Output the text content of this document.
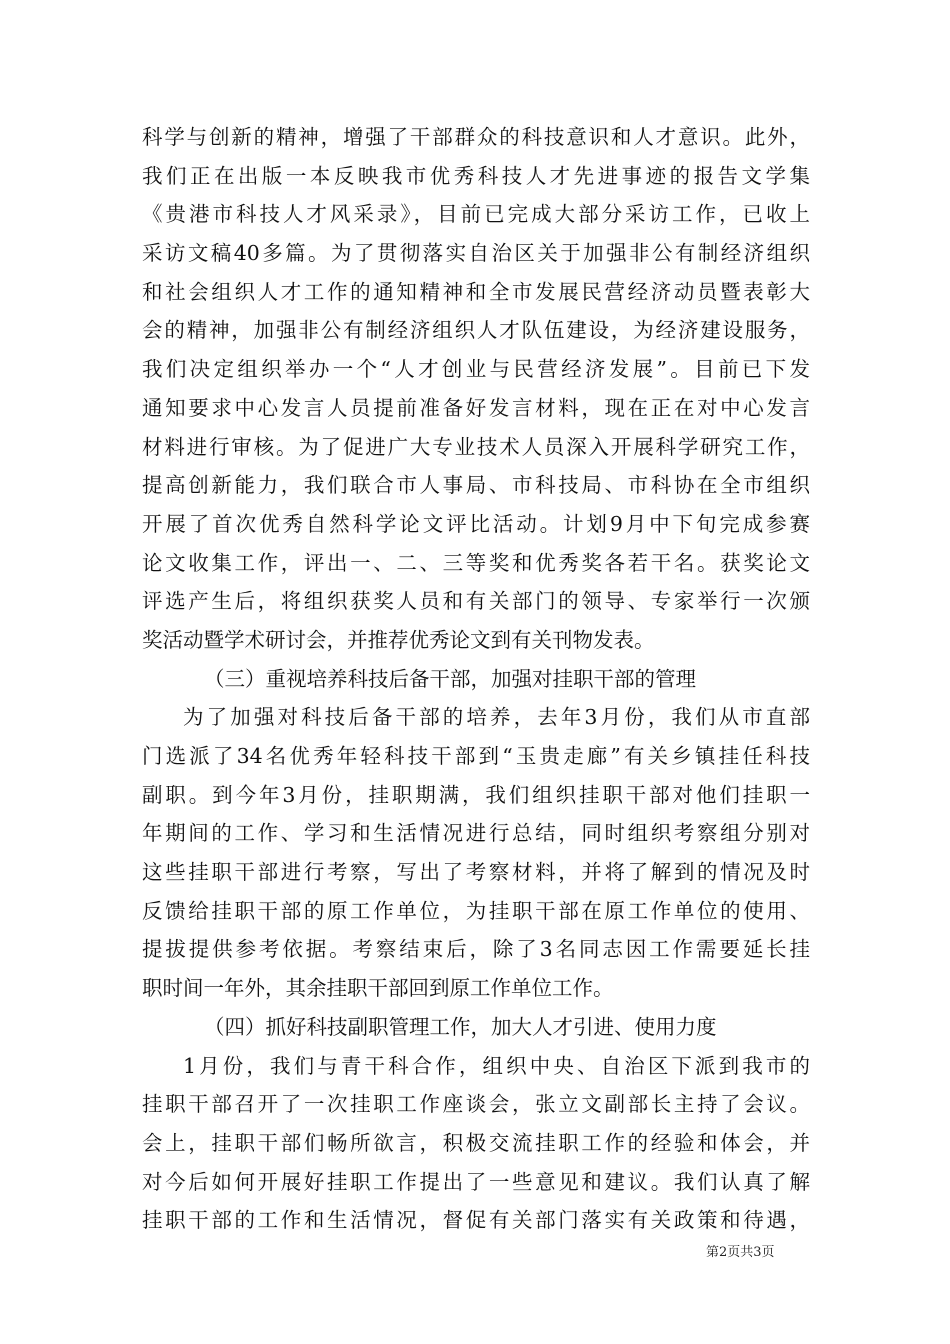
科学与创新的精神，增强了干部群众的科技意识和人才意识。此外，
我们正在出版一本反映我市优秀科技人才先进事迹的报告文学集
《贵港市科技人才风采录》，目前已完成大部分采访工作，已收上
采访文稿40多篇。为了贯彻落实自治区关于加强非公有制经济组织
和社会组织人才工作的通知精神和全市发展民营经济动员暨表彰大
会的精神，加强非公有制经济组织人才队伍建设，为经济建设服务，
我们决定组织举办一个“人才创业与民营经济发展”。目前已下发
通知要求中心发言人员提前准备好发言材料，现在正在对中心发言
材料进行审核。为了促进广大专业技术人员深入开展科学研究工作，
提高创新能力，我们联合市人事局、市科技局、市科协在全市组织
开展了首次优秀自然科学论文评比活动。计划9月中下旬完成参赛
论文收集工作，评出一、二、三等奖和优秀奖各若干名。获奖论文
评选产生后，将组织获奖人员和有关部门的领导、专家举行一次颁
奖活动暨学术研讨会，并推荐优秀论文到有关刊物发表。
（三）重视培养科技后备干部，加强对挂职干部的管理
为了加强对科技后备干部的培养，去年3月份，我们从市直部
门选派了34名优秀年轻科技干部到“玉贵走廊”有关乡镇挂任科技
副职。到今年3月份，挂职期满，我们组织挂职干部对他们挂职一
年期间的工作、学习和生活情况进行总结，同时组织考察组分别对
这些挂职干部进行考察，写出了考察材料，并将了解到的情况及时
反馈给挂职干部的原工作单位，为挂职干部在原工作单位的使用、
提拔提供参考依据。考察结束后，除了3名同志因工作需要延长挂
职时间一年外，其余挂职干部回到原工作单位工作。
（四）抓好科技副职管理工作，加大人才引进、使用力度
1月份，我们与青干科合作，组织中央、自治区下派到我市的
挂职干部召开了一次挂职工作座谈会，张立文副部长主持了会议。
会上，挂职干部们畅所欲言，积极交流挂职工作的经验和体会，并
对今后如何开展好挂职工作提出了一些意见和建议。我们认真了解
挂职干部的工作和生活情况，督促有关部门落实有关政策和待遇，
第2页共3页
